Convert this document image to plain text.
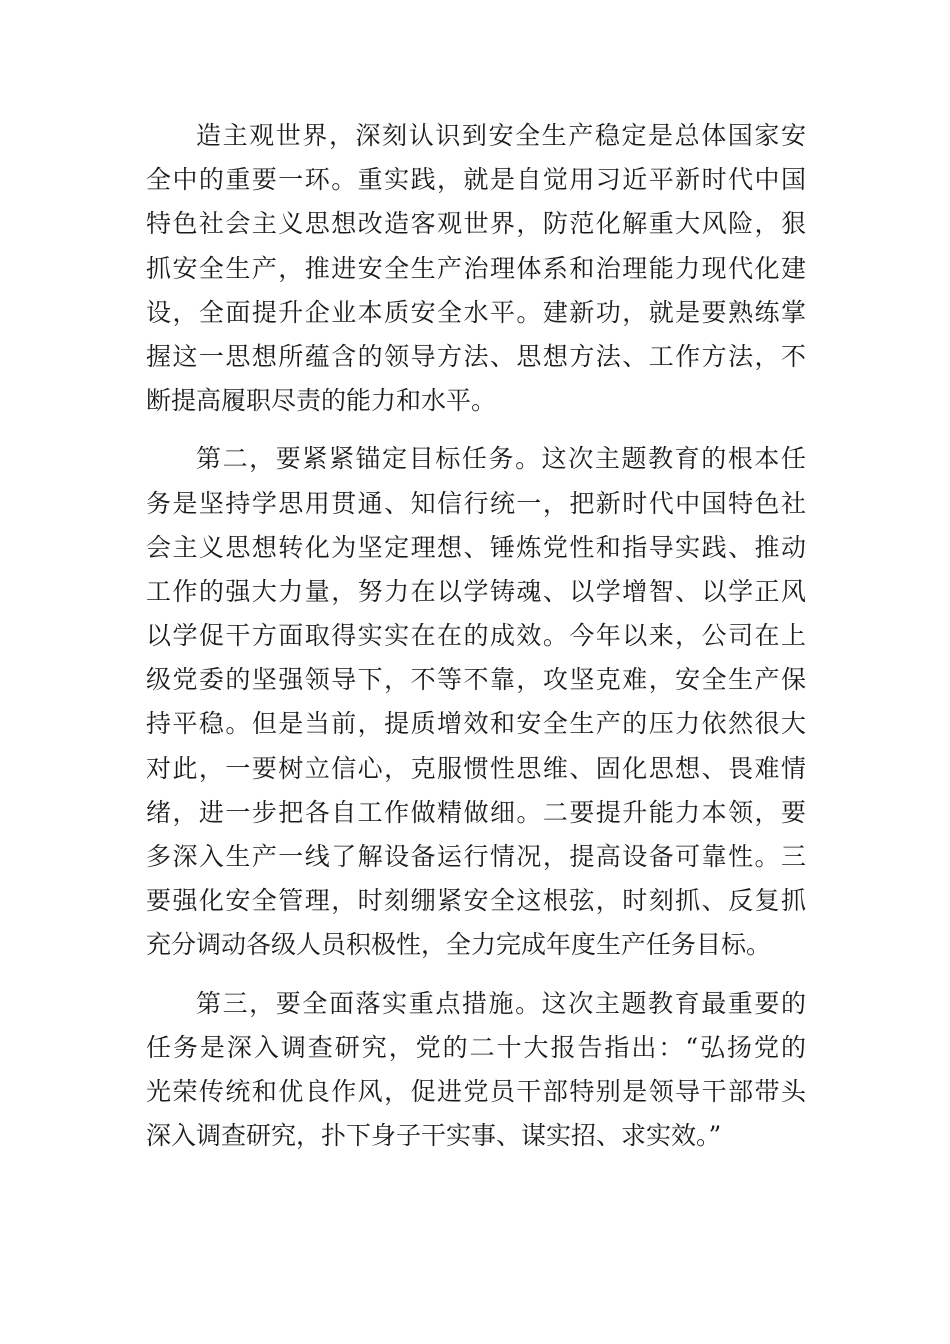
造主观世界，深刻认识到安全生产稳定是总体国家安
全中的重要一环。重实践，就是自觉用习近平新时代中国
特色社会主义思想改造客观世界，防范化解重大风险，狠
抓安全生产，推进安全生产治理体系和治理能力现代化建
设，全面提升企业本质安全水平。建新功，就是要熟练掌
握这一思想所蕴含的领导方法、思想方法、工作方法，不
断提高履职尽责的能力和水平。
第二，要紧紧锚定目标任务。这次主题教育的根本任
务是坚持学思用贯通、知信行统一，把新时代中国特色社
会主义思想转化为坚定理想、锤炼党性和指导实践、推动
工作的强大力量，努力在以学铸魂、以学增智、以学正风
以学促干方面取得实实在在的成效。今年以来，公司在上
级党委的坚强领导下，不等不靠，攻坚克难，安全生产保
持平稳。但是当前，提质增效和安全生产的压力依然很大
对此，一要树立信心，克服惯性思维、固化思想、畏难情
绪，进一步把各自工作做精做细。二要提升能力本领，要
多深入生产一线了解设备运行情况，提高设备可靠性。三
要强化安全管理，时刻绷紧安全这根弦，时刻抓、反复抓
充分调动各级人员积极性，全力完成年度生产任务目标。
第三，要全面落实重点措施。这次主题教育最重要的
任务是深入调查研究，党的二十大报告指出：“弘扬党的
光荣传统和优良作风，促进党员干部特别是领导干部带头
深入调查研究，扑下身子干实事、谋实招、求实效。”
